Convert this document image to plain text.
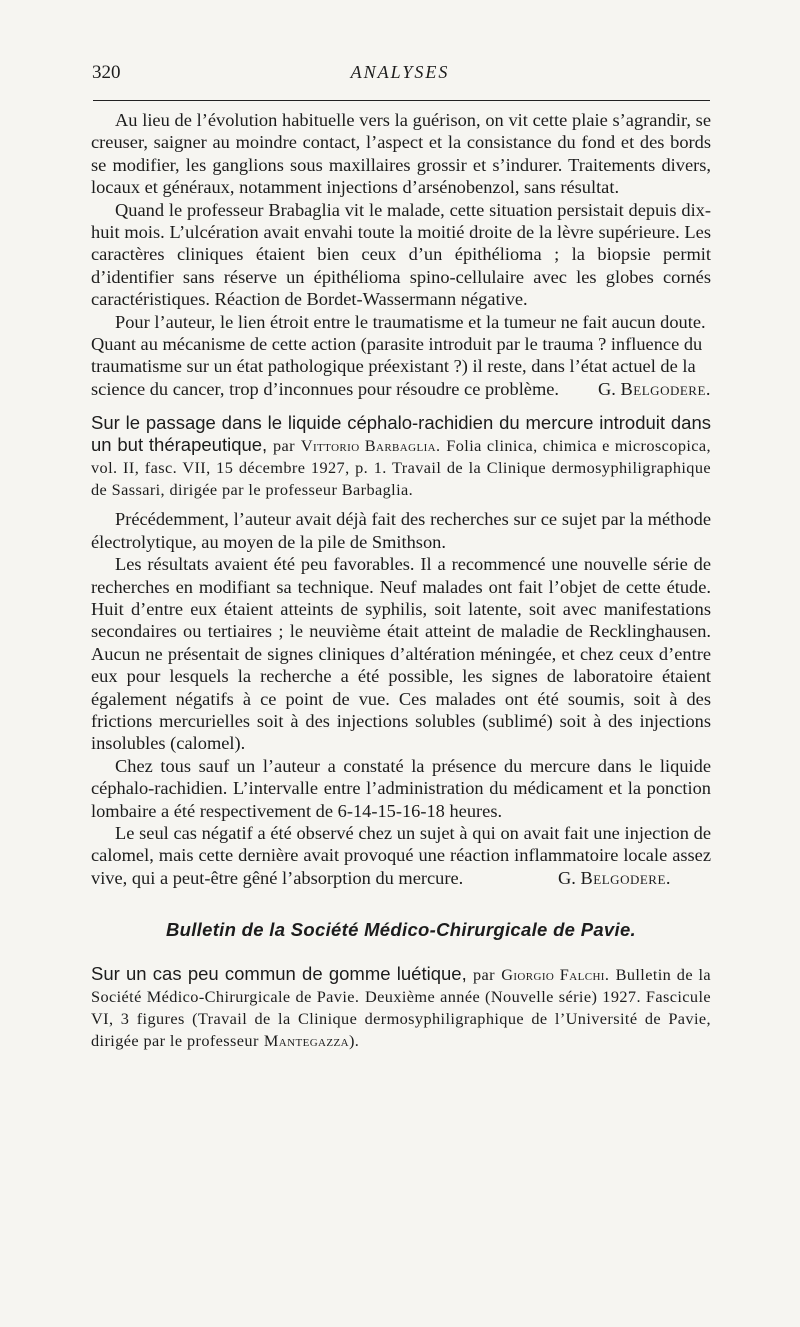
320	ANALYSES

Au lieu de l’évolution habituelle vers la guérison, on vit cette plaie s’agrandir, se creuser, saigner au moindre contact, l’aspect et la consistance du fond et des bords se modifier, les ganglions sous maxillaires grossir et s’indurer. Traitements divers, locaux et généraux, notamment injections d’arsénobenzol, sans résultat.

Quand le professeur Brabaglia vit le malade, cette situation persistait depuis dix-huit mois. L’ulcération avait envahi toute la moitié droite de la lèvre supérieure. Les caractères cliniques étaient bien ceux d’un épithélioma ; la biopsie permit d’identifier sans réserve un épithélioma spino-cellulaire avec les globes cornés caractéristiques. Réaction de Bordet-Wassermann négative.

Pour l’auteur, le lien étroit entre le traumatisme et la tumeur ne fait aucun doute. Quant au mécanisme de cette action (parasite introduit par le trauma ? influence du traumatisme sur un état pathologique préexistant ?) il reste, dans l’état actuel de la science du cancer, trop d’inconnues pour résoudre ce problème.	G. Belgodere.

Sur le passage dans le liquide céphalo-rachidien du mercure introduit dans un but thérapeutique, par Vittorio Barbaglia. Folia clinica, chimica e microscopica, vol. II, fasc. VII, 15 décembre 1927, p. 1. Travail de la Clinique dermosyphiligraphique de Sassari, dirigée par le professeur Barbaglia.

Précédemment, l’auteur avait déjà fait des recherches sur ce sujet par la méthode électrolytique, au moyen de la pile de Smithson.

Les résultats avaient été peu favorables. Il a recommencé une nouvelle série de recherches en modifiant sa technique. Neuf malades ont fait l’objet de cette étude. Huit d’entre eux étaient atteints de syphilis, soit latente, soit avec manifestations secondaires ou tertiaires ; le neuvième était atteint de maladie de Recklinghausen. Aucun ne présentait de signes cliniques d’altération méningée, et chez ceux d’entre eux pour lesquels la recherche a été possible, les signes de laboratoire étaient également négatifs à ce point de vue. Ces malades ont été soumis, soit à des frictions mercurielles soit à des injections solubles (sublimé) soit à des injections insolubles (calomel).

Chez tous sauf un l’auteur a constaté la présence du mercure dans le liquide céphalo-rachidien. L’intervalle entre l’administration du médicament et la ponction lombaire a été respectivement de 6-14-15-16-18 heures.

Le seul cas négatif a été observé chez un sujet à qui on avait fait une injection de calomel, mais cette dernière avait provoqué une réaction inflammatoire locale assez vive, qui a peut-être gêné l’absorption du mercure.	G. Belgodere.

Bulletin de la Société Médico-Chirurgicale de Pavie.
Sur un cas peu commun de gomme luétique, par Giorgio Falchi. Bulletin de la Société Médico-Chirurgicale de Pavie. Deuxième année (Nouvelle série) 1927. Fascicule VI, 3 figures (Travail de la Clinique dermosyphiligraphique de l’Université de Pavie, dirigée par le professeur Mantegazza).
